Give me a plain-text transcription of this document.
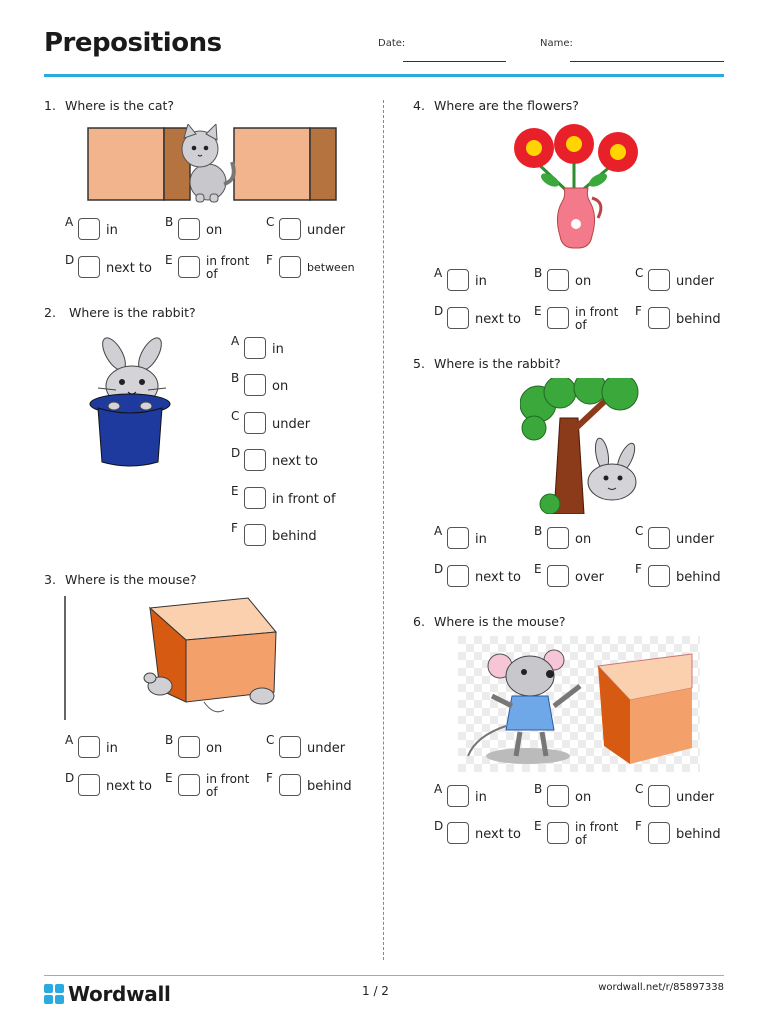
Prepositions	Date:	Name:
1. Where is the cat?
A
in
B
on
C
under
D
next to
E	in front of
F
between
2. Where is the rabbit?
A
in
B
on
C
under
D
next to
E
in front of
F
behind
3. Where is the mouse?
A
in
B
on
C
under
D
next to
E	in front of
F
behind
4. Where are the flowers?
A
in
B
on
C
under
D
next to
E	in front of
F
behind
5. Where is the rabbit?
A
in
B
on
C
under
D
next to
E
over
F
behind
6. Where is the mouse?
A
in
B
on
C
under
D
next to
E	in front of
F
behind
Wordwall	1 / 2	wordwall.net/r/85897338
